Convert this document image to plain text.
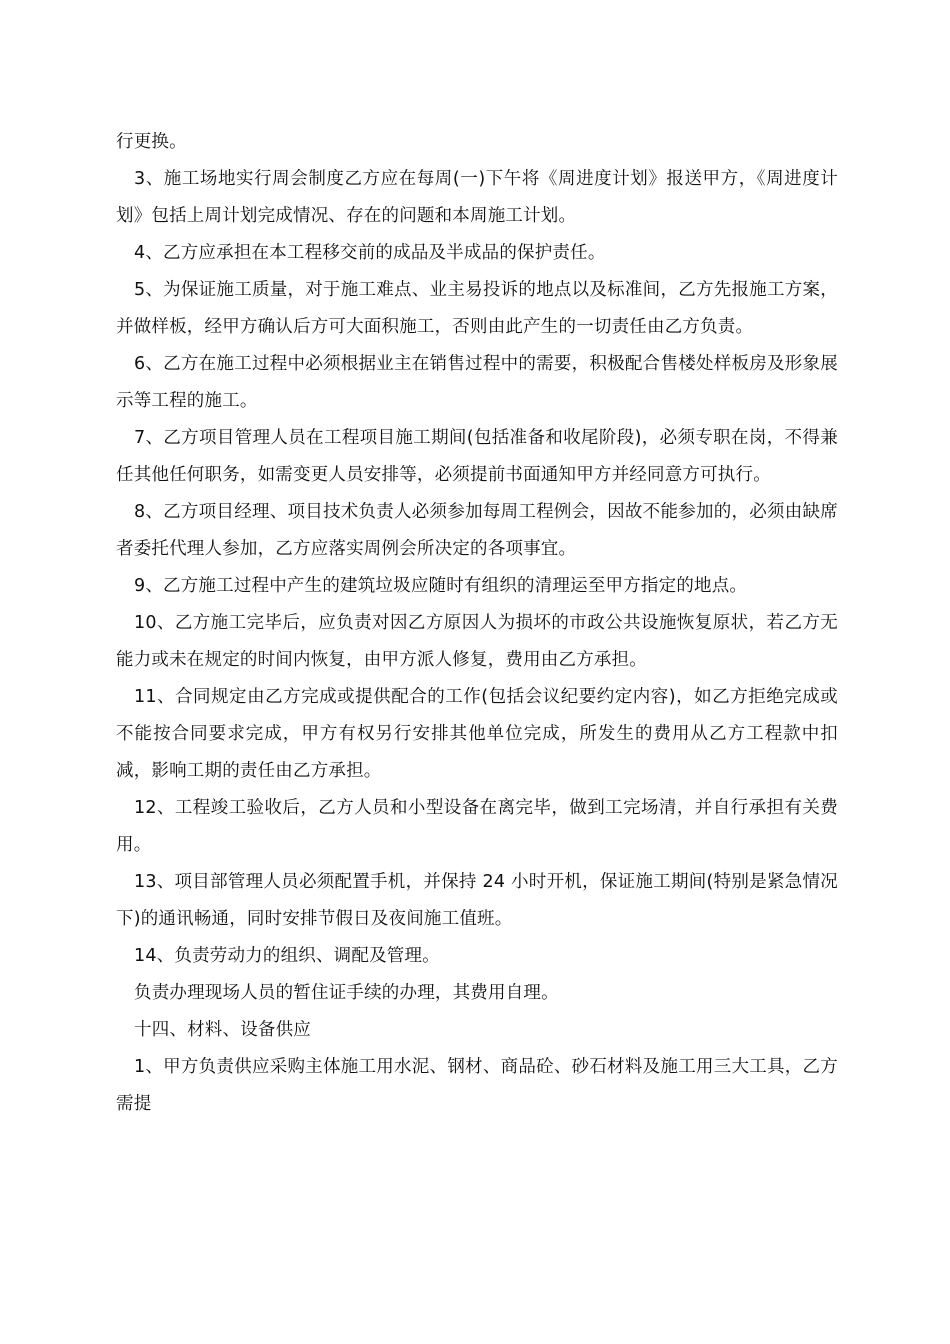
行更换。

3、施工场地实行周会制度乙方应在每周(一)下午将《周进度计划》报送甲方，《周进度计划》包括上周计划完成情况、存在的问题和本周施工计划。

4、乙方应承担在本工程移交前的成品及半成品的保护责任。

5、为保证施工质量，对于施工难点、业主易投诉的地点以及标准间，乙方先报施工方案，并做样板，经甲方确认后方可大面积施工，否则由此产生的一切责任由乙方负责。

6、乙方在施工过程中必须根据业主在销售过程中的需要，积极配合售楼处样板房及形象展示等工程的施工。

7、乙方项目管理人员在工程项目施工期间(包括准备和收尾阶段)，必须专职在岗，不得兼任其他任何职务，如需变更人员安排等，必须提前书面通知甲方并经同意方可执行。

8、乙方项目经理、项目技术负责人必须参加每周工程例会，因故不能参加的，必须由缺席者委托代理人参加，乙方应落实周例会所决定的各项事宜。

9、乙方施工过程中产生的建筑垃圾应随时有组织的清理运至甲方指定的地点。

10、乙方施工完毕后，应负责对因乙方原因人为损坏的市政公共设施恢复原状，若乙方无能力或未在规定的时间内恢复，由甲方派人修复，费用由乙方承担。

11、合同规定由乙方完成或提供配合的工作(包括会议纪要约定内容)，如乙方拒绝完成或不能按合同要求完成，甲方有权另行安排其他单位完成，所发生的费用从乙方工程款中扣减，影响工期的责任由乙方承担。

12、工程竣工验收后，乙方人员和小型设备在离完毕，做到工完场清，并自行承担有关费用。

13、项目部管理人员必须配置手机，并保持 24 小时开机，保证施工期间(特别是紧急情况下)的通讯畅通，同时安排节假日及夜间施工值班。

14、负责劳动力的组织、调配及管理。

负责办理现场人员的暂住证手续的办理，其费用自理。

十四、材料、设备供应

1、甲方负责供应采购主体施工用水泥、钢材、商品砼、砂石材料及施工用三大工具，乙方需提
